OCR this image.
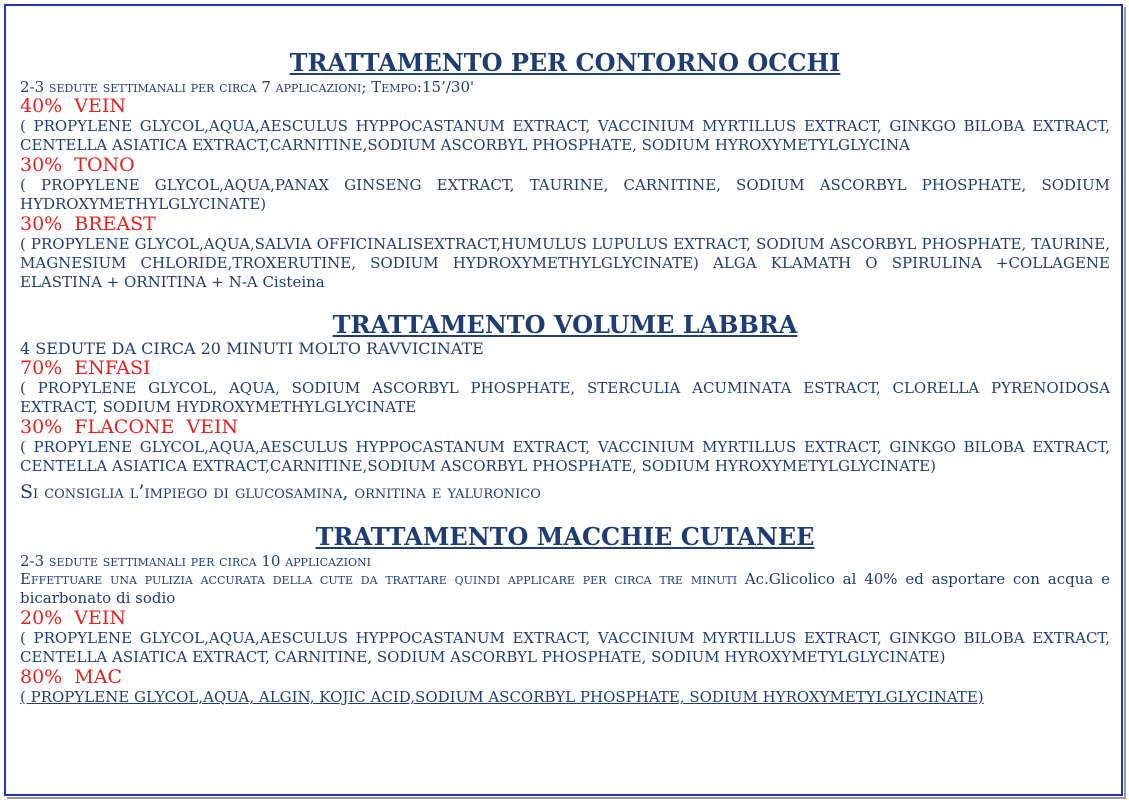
TRATTAMENTO PER CONTORNO OCCHI

2-3 sedute settimanali per circa 7 applicazioni; Tempo:15’/30'

40% VEIN

( PROPYLENE GLYCOL,AQUA,AESCULUS HYPPOCASTANUM EXTRACT, VACCINIUM MYRTILLUS EXTRACT, GINKGO BILOBA EXTRACT, CENTELLA ASIATICA EXTRACT,CARNITINE,SODIUM ASCORBYL PHOSPHATE, SODIUM HYROXYMETYLGLYCINA

30% TONO

( PROPYLENE GLYCOL,AQUA,PANAX GINSENG EXTRACT, TAURINE, CARNITINE, SODIUM ASCORBYL PHOSPHATE, SODIUM HYDROXYMETHYLGLYCINATE)

30% BREAST

( PROPYLENE GLYCOL,AQUA,SALVIA OFFICINALISEXTRACT,HUMULUS LUPULUS EXTRACT, SODIUM ASCORBYL PHOSPHATE, TAURINE, MAGNESIUM CHLORIDE,TROXERUTINE, SODIUM HYDROXYMETHYLGLYCINATE) ALGA KLAMATH O SPIRULINA +COLLAGENE ELASTINA + ORNITINA + N-A Cisteina

TRATTAMENTO VOLUME LABBRA

4 SEDUTE DA CIRCA 20 MINUTI MOLTO RAVVICINATE

70% ENFASI

( PROPYLENE GLYCOL, AQUA, SODIUM ASCORBYL PHOSPHATE, STERCULIA ACUMINATA ESTRACT, CLORELLA PYRENOIDOSA EXTRACT, SODIUM HYDROXYMETHYLGLYCINATE

30% FLACONE VEIN

( PROPYLENE GLYCOL,AQUA,AESCULUS HYPPOCASTANUM EXTRACT, VACCINIUM MYRTILLUS EXTRACT, GINKGO BILOBA EXTRACT, CENTELLA ASIATICA EXTRACT,CARNITINE,SODIUM ASCORBYL PHOSPHATE, SODIUM HYROXYMETYLGLYCINATE)

Si consiglia l’impiego di glucosamina, ornitina e yaluronico

TRATTAMENTO MACCHIE CUTANEE

2-3 sedute settimanali per circa 10 applicazioni

Effettuare una pulizia accurata della cute da trattare quindi applicare per circa tre minuti Ac.Glicolico al 40% ed asportare con acqua e bicarbonato di sodio

20% VEIN

( PROPYLENE GLYCOL,AQUA,AESCULUS HYPPOCASTANUM EXTRACT, VACCINIUM MYRTILLUS EXTRACT, GINKGO BILOBA EXTRACT, CENTELLA ASIATICA EXTRACT, CARNITINE, SODIUM ASCORBYL PHOSPHATE, SODIUM HYROXYMETYLGLYCINATE)

80% MAC

( PROPYLENE GLYCOL,AQUA, ALGIN, KOJIC ACID,SODIUM ASCORBYL PHOSPHATE, SODIUM HYROXYMETYLGLYCINATE)
